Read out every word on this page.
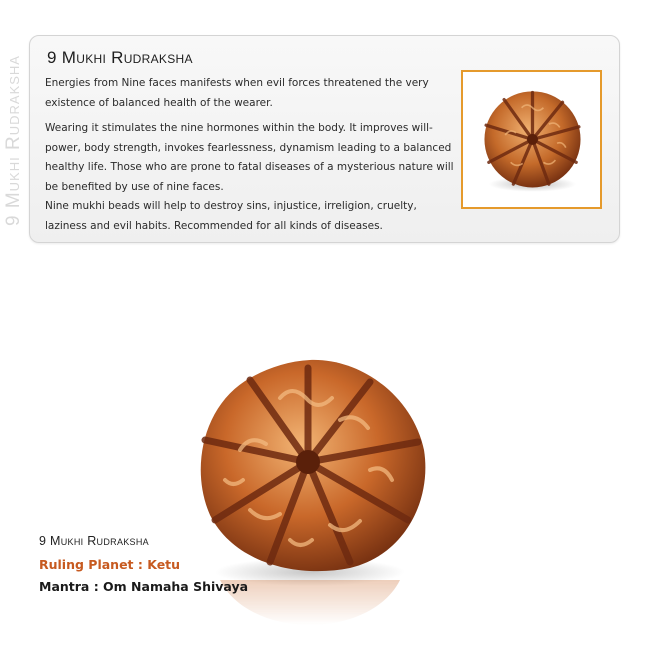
9 Mukhi Rudraksha 9 Mukhi Rudraksha

Energies from Nine faces manifests when evil forces threatened the very existence of balanced health of the wearer.

Wearing it stimulates the nine hormones within the body. It improves will-power, body strength, invokes fearlessness, dynamism leading to a balanced healthy life. Those who are prone to fatal diseases of a mysterious nature will be benefited by use of nine faces.

Nine mukhi beads will help to destroy sins, injustice, irreligion, cruelty, laziness and evil habits. Recommended for all kinds of diseases.

9 Mukhi Rudraksha
Ruling Planet : Ketu
Mantra : Om Namaha Shivaya
